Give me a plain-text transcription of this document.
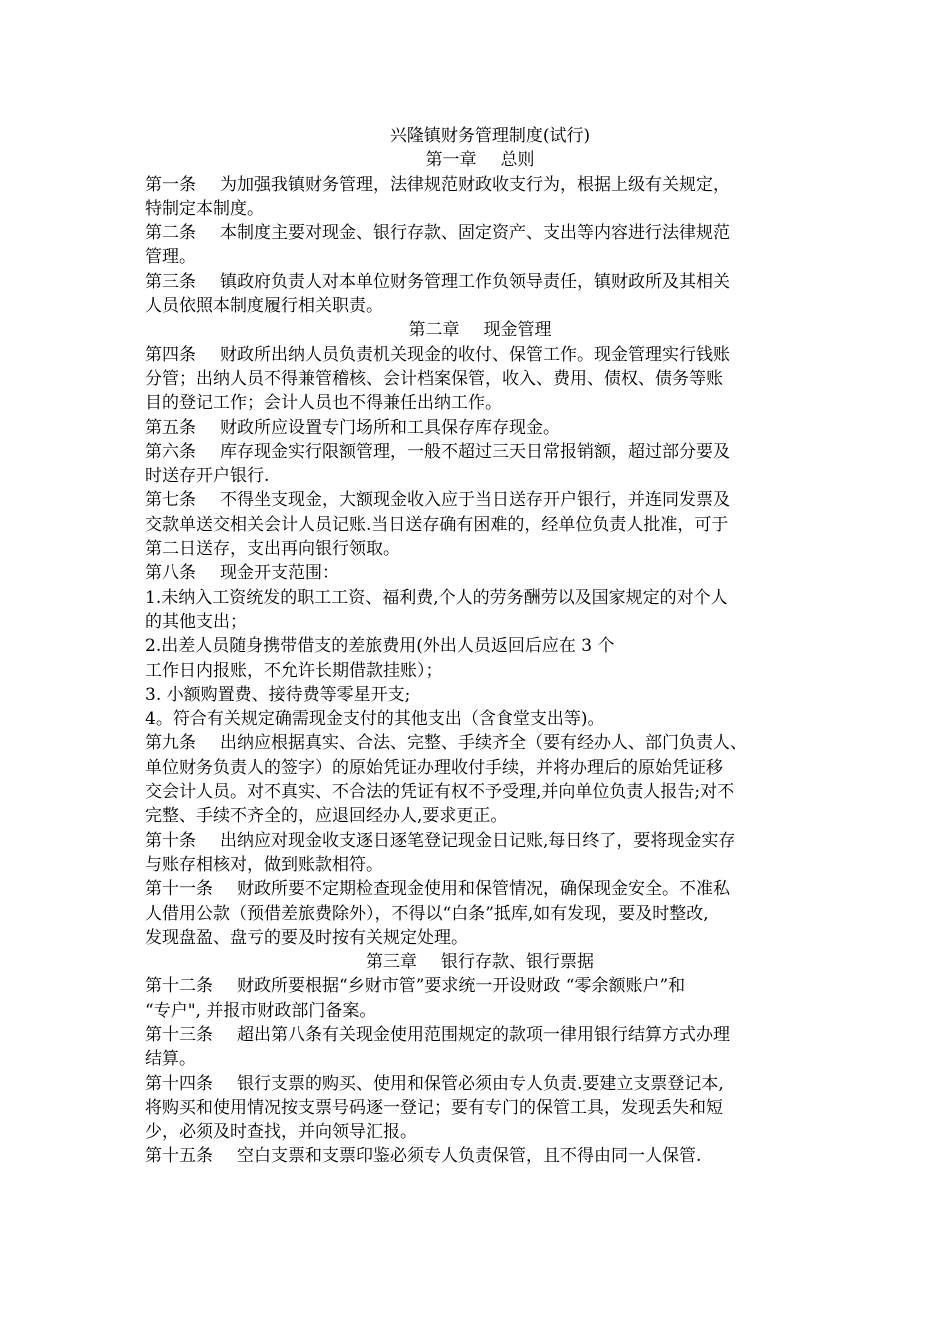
兴隆镇财务管理制度(试行)
第一章 总则
第一条 为加强我镇财务管理，法律规范财政收支行为，根据上级有关规定，
特制定本制度。
第二条 本制度主要对现金、银行存款、固定资产、支出等内容进行法律规范
管理。
第三条 镇政府负责人对本单位财务管理工作负领导责任，镇财政所及其相关
人员依照本制度履行相关职责。
第二章 现金管理
第四条 财政所出纳人员负责机关现金的收付、保管工作。现金管理实行钱账
分管；出纳人员不得兼管稽核、会计档案保管，收入、费用、债权、债务等账
目的登记工作；会计人员也不得兼任出纳工作。
第五条 财政所应设置专门场所和工具保存库存现金。
第六条 库存现金实行限额管理，一般不超过三天日常报销额，超过部分要及
时送存开户银行.
第七条 不得坐支现金，大额现金收入应于当日送存开户银行，并连同发票及
交款单送交相关会计人员记账.当日送存确有困难的，经单位负责人批准，可于
第二日送存，支出再向银行领取。
第八条 现金开支范围：
1.未纳入工资统发的职工工资、福利费,个人的劳务酬劳以及国家规定的对个人
的其他支出；
2.出差人员随身携带借支的差旅费用(外出人员返回后应在 3 个
工作日内报账，不允许长期借款挂账）；
3. 小额购置费、接待费等零星开支;
4。符合有关规定确需现金支付的其他支出（含食堂支出等)。
第九条 出纳应根据真实、合法、完整、手续齐全（要有经办人、部门负责人、
单位财务负责人的签字）的原始凭证办理收付手续，并将办理后的原始凭证移
交会计人员。对不真实、不合法的凭证有权不予受理,并向单位负责人报告;对不
完整、手续不齐全的，应退回经办人,要求更正。
第十条 出纳应对现金收支逐日逐笔登记现金日记账,每日终了，要将现金实存
与账存相核对，做到账款相符。
第十一条 财政所要不定期检查现金使用和保管情况，确保现金安全。不准私
人借用公款（预借差旅费除外），不得以“白条”抵库,如有发现，要及时整改,
发现盘盈、盘亏的要及时按有关规定处理。
第三章 银行存款、银行票据
第十二条 财政所要根据“乡财市管”要求统一开设财政 “零余额账户”和
“专户", 并报市财政部门备案。
第十三条 超出第八条有关现金使用范围规定的款项一律用银行结算方式办理
结算。
第十四条 银行支票的购买、使用和保管必须由专人负责.要建立支票登记本,
将购买和使用情况按支票号码逐一登记；要有专门的保管工具，发现丢失和短
少，必须及时查找，并向领导汇报。
第十五条 空白支票和支票印鉴必须专人负责保管，且不得由同一人保管.
